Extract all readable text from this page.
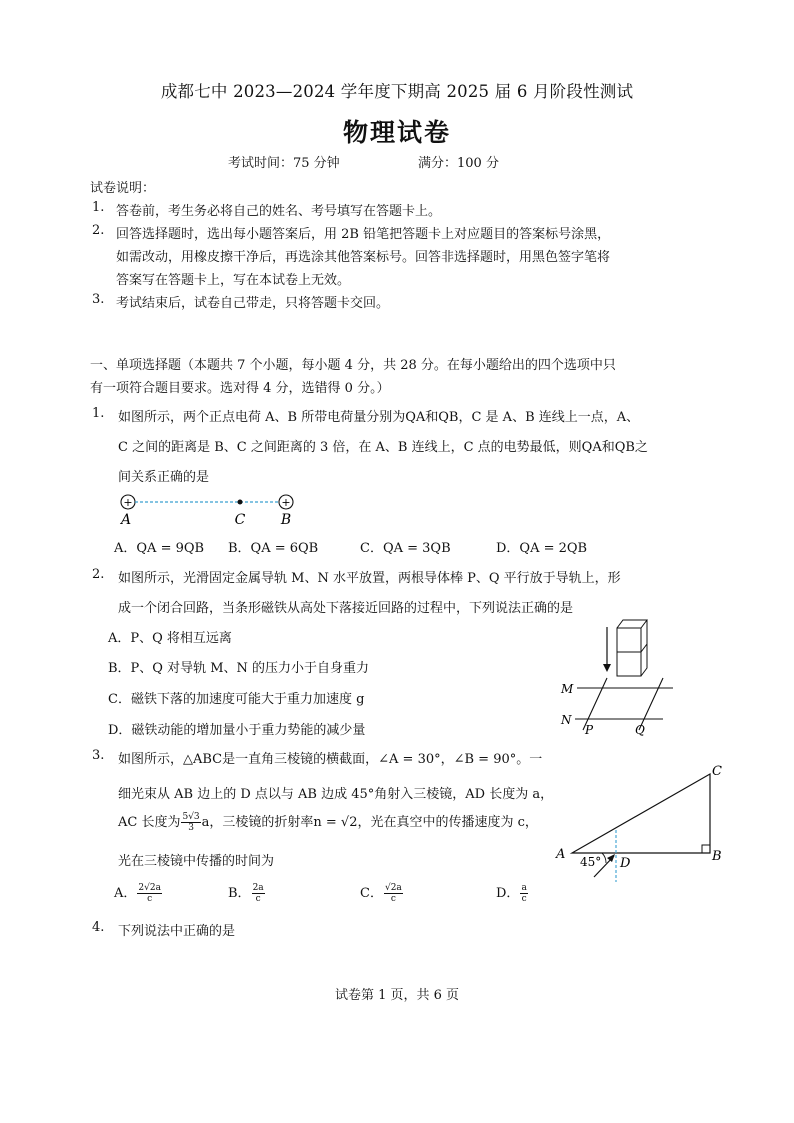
成都七中 2023—2024 学年度下期高 2025 届 6 月阶段性测试
物理试卷
考试时间：75 分钟	满分：100 分
试卷说明：
1. 答卷前，考生务必将自己的姓名、考号填写在答题卡上。
2. 回答选择题时，选出每小题答案后，用 2B 铅笔把答题卡上对应题目的答案标号涂黑，
如需改动，用橡皮擦干净后，再选涂其他答案标号。回答非选择题时，用黑色签字笔将
答案写在答题卡上，写在本试卷上无效。
3. 考试结束后，试卷自己带走，只将答题卡交回。
一、单项选择题（本题共 7 个小题，每小题 4 分，共 28 分。在每小题给出的四个选项中只
有一项符合题目要求。选对得 4 分，选错得 0 分。）
1. 如图所示，两个正点电荷 A、B 所带电荷量分别为QA和QB，C 是 A、B 连线上一点，A、
C 之间的距离是 B、C 之间距离的 3 倍，在 A、B 连线上，C 点的电势最低，则QA和QB之
间关系正确的是
+	+
A	C	B
A．QA = 9QB B．QA = 6QB	C．QA = 3QB	D．QA = 2QB
2. 如图所示，光滑固定金属导轨 M、N 水平放置，两根导体棒 P、Q 平行放于导轨上，形
成一个闭合回路，当条形磁铁从高处下落接近回路的过程中，下列说法正确的是
A．P、Q 将相互远离
B．P、Q 对导轨 M、N 的压力小于自身重力
C．磁铁下落的加速度可能大于重力加速度 g
D．磁铁动能的增加量小于重力势能的减少量
M
N
P	Q
3. 如图所示，△ABC是一直角三棱镜的横截面，∠A = 30°，∠B = 90°。一
细光束从 AB 边上的 D 点以与 AB 边成 45°角射入三棱镜，AD 长度为 a，
AC 长度为 $\frac{5√3}{3}$ a，三棱镜的折射率n = √2，光在真空中的传播速度为 c，
光在三棱镜中传播的时间为
A． $\frac{2√2a}{c}$	B． $\frac{2a}{c}$	C． $\frac{√2a}{c}$	D． $\frac{a}{c}$
45°
A	B
C
D
4. 下列说法中正确的是
试卷第 1 页，共 6 页
